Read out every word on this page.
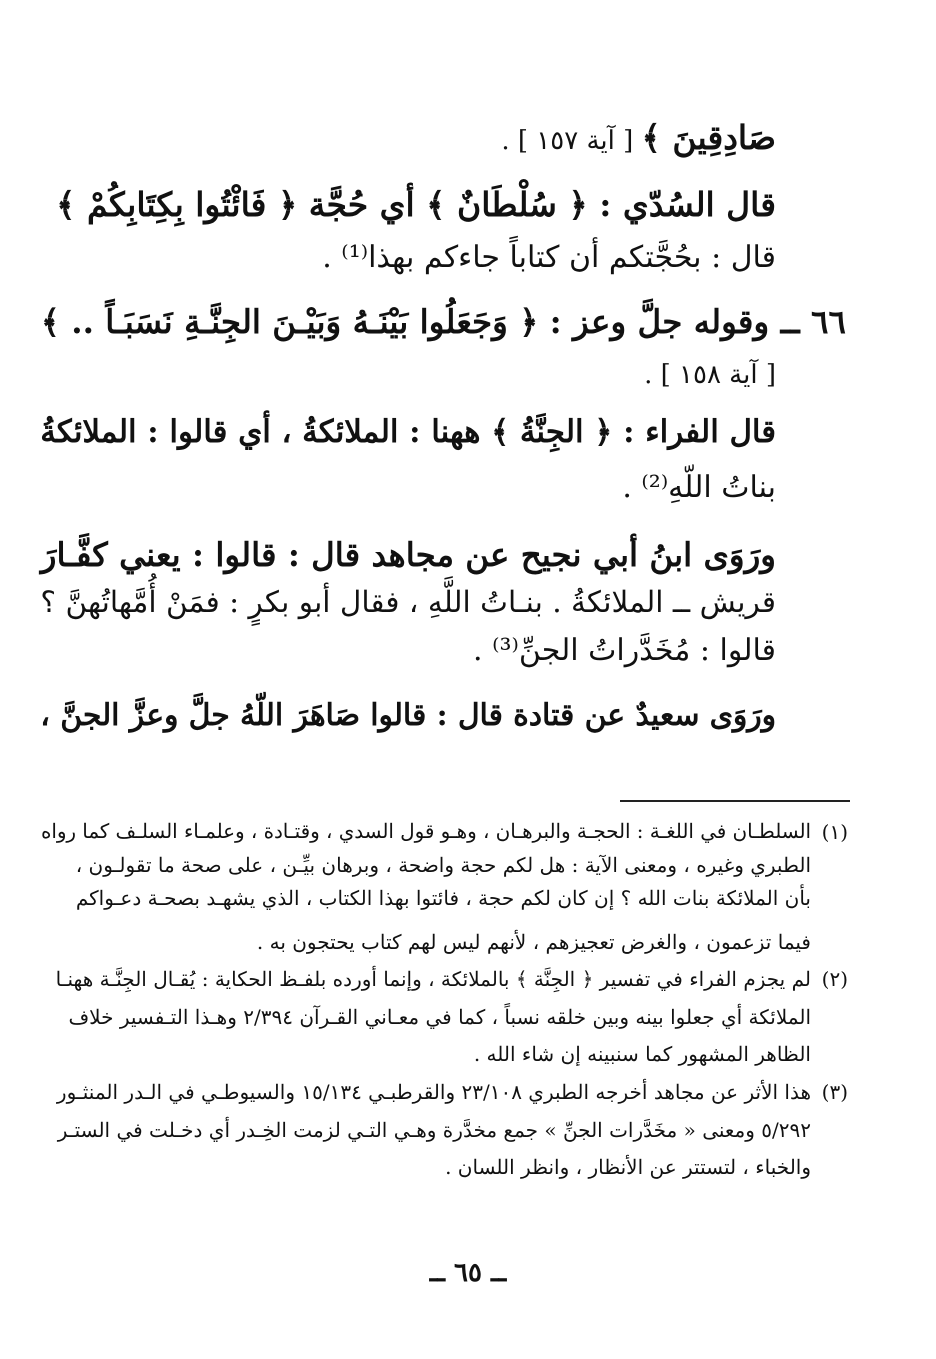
صَادِقِينَ ﴾ [ آية ١٥٧ ] .
قال السُدّي : ﴿ سُلْطَانٌ ﴾ أي حُجَّة ﴿ فَائْتُوا بِكِتَابِكُمْ ﴾
قال : بحُجَّتكم أن كتاباً جاءكم بهذا⁽¹⁾ .
٦٦ ــ وقوله جلَّ وعز : ﴿ وَجَعَلُوا بَيْنَـهُ وَبَيْـنَ الجِنَّـةِ نَسَبَـاً .. ﴾
[ آية ١٥٨ ] .
قال الفراء : ﴿ الجِنَّةُ ﴾ ههنا : الملائكةُ ، أي قالوا : الملائكةُ
بناتُ اللّهِ⁽²⁾ .
ورَوَى ابنُ أبي نجيح عن مجاهد قال : قالوا : يعني كفَّـارَ
قريش ــ الملائكةُ . بنـاتُ اللَّهِ ، فقال أبو بكرٍ : فمَنْ أُمَّهاتُهنَّ ؟
قالوا : مُخَدَّراتُ الجنِّ⁽³⁾ .
ورَوَى سعيدٌ عن قتادة قال : قالوا صَاهَرَ اللّهُ جلَّ وعزَّ الجنَّ ،
(١)
السلطـان في اللغـة : الحجـة والبرهـان ، وهـو قول السدي ، وقتـادة ، وعلمـاء السلـف كما رواه
الطبري وغيره ، ومعنى الآية : هل لكم حجة واضحة ، وبرهان بيِّـن ، على صحة ما تقولـون ،
بأن الملائكة بنات الله ؟ إن كان لكم حجة ، فائتوا بهذا الكتاب ، الذي يشهـد بصحـة دعـواكم
فيما تزعمون ، والغرض تعجيزهم ، لأنهم ليس لهم كتاب يحتجون به .
(٢)
لم يجزم الفراء في تفسير ﴿ الجِنَّة ﴾ بالملائكة ، وإنما أورده بلفـظ الحكاية : يُقـال الجِنَّـة ههنـا
الملائكة أي جعلوا بينه وبين خلقه نسباً ، كما في معـاني القـرآن ٢/٣٩٤ وهـذا التـفسير خلاف
الظاهر المشهور كما سنبينه إن شاء الله .
(٣)
هذا الأثر عن مجاهد أخرجه الطبري ٢٣/١٠٨ والقرطبـي ١٥/١٣٤ والسيوطـي في الـدر المنثـور
٥/٢٩٢ ومعنى « مخَدَّرات الجنِّ » جمع مخدَّرة وهـي التـي لزمت الخِـدر أي دخـلت في الستـر
والخباء ، لتستتر عن الأنظار ، وانظر اللسان .
ــ ٦٥ ــ
